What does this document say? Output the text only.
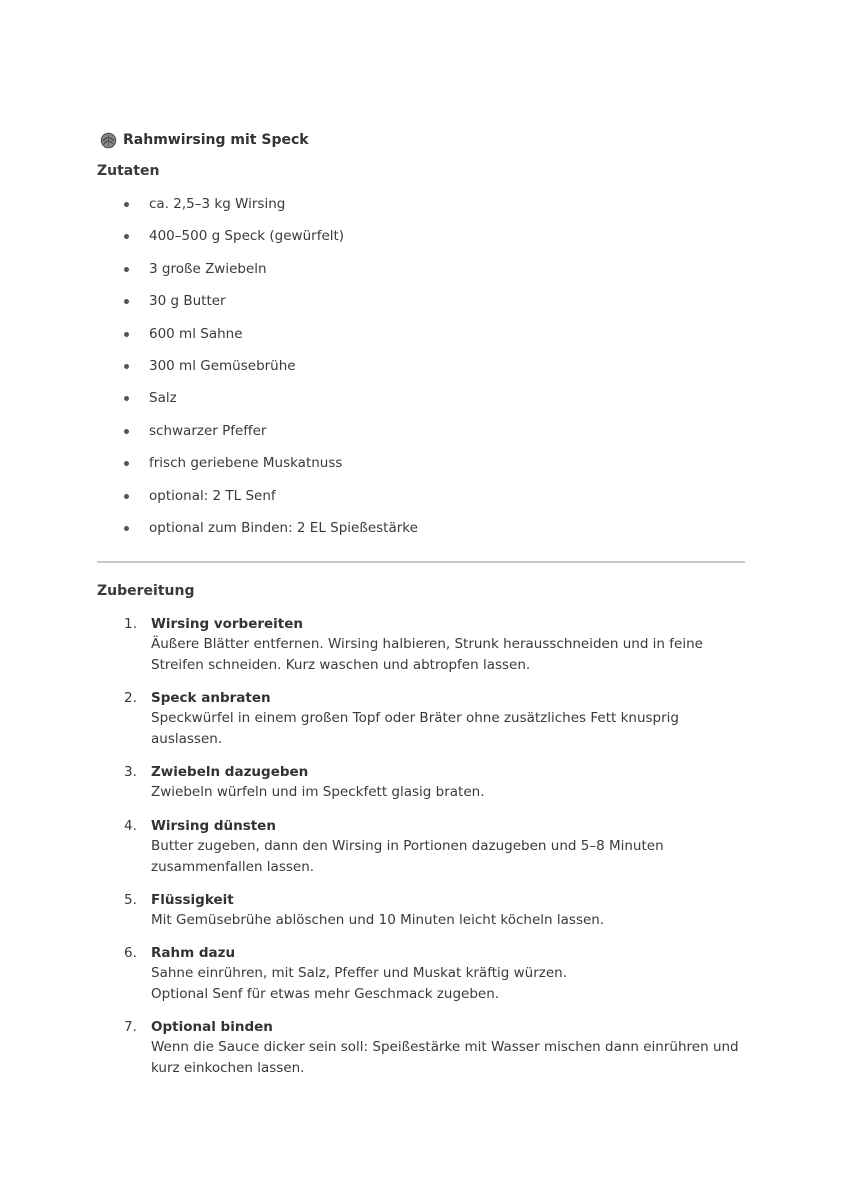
Rahmwirsing mit Speck
Zutaten
ca. 2,5–3 kg Wirsing
400–500 g Speck (gewürfelt)
3 große Zwiebeln
30 g Butter
600 ml Sahne
300 ml Gemüsebrühe
Salz
schwarzer Pfeffer
frisch geriebene Muskatnuss
optional: 2 TL Senf
optional zum Binden: 2 EL Spießestärke
Zubereitung
1. Wirsing vorbereiten
Äußere Blätter entfernen. Wirsing halbieren, Strunk herausschneiden und in feine
Streifen schneiden. Kurz waschen und abtropfen lassen.
2. Speck anbraten
Speckwürfel in einem großen Topf oder Bräter ohne zusätzliches Fett knusprig
auslassen.
3. Zwiebeln dazugeben
Zwiebeln würfeln und im Speckfett glasig braten.
4. Wirsing dünsten
Butter zugeben, dann den Wirsing in Portionen dazugeben und 5–8 Minuten
zusammenfallen lassen.
5. Flüssigkeit
Mit Gemüsebrühe ablöschen und 10 Minuten leicht köcheln lassen.
6. Rahm dazu
Sahne einrühren, mit Salz, Pfeffer und Muskat kräftig würzen.
Optional Senf für etwas mehr Geschmack zugeben.
7. Optional binden
Wenn die Sauce dicker sein soll: Speißestärke mit Wasser mischen dann einrühren und
kurz einkochen lassen.
